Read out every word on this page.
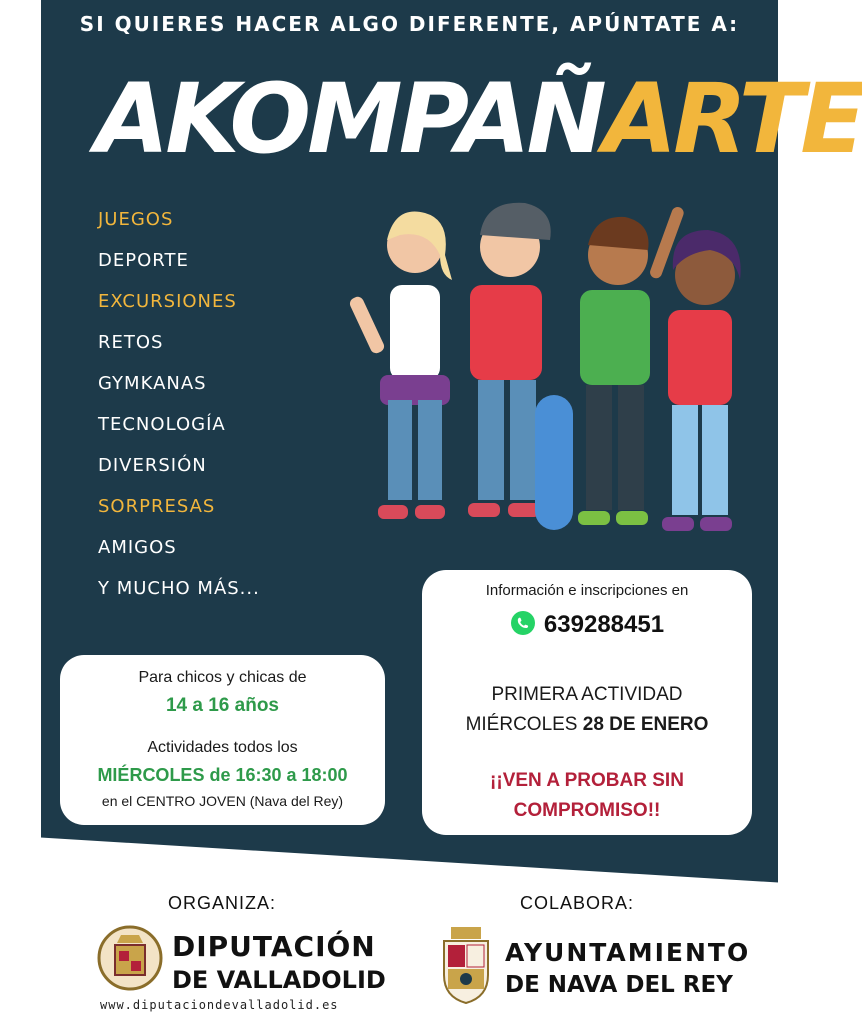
SI QUIERES HACER ALGO DIFERENTE, APÚNTATE A:
AKOMPAÑARTE
JUEGOS
DEPORTE
EXCURSIONES
RETOS
GYMKANAS
TECNOLOGÍA
DIVERSIÓN
SORPRESAS
AMIGOS
Y MUCHO MÁS...
Para chicos y chicas de
14 a 16 años
Actividades todos los
MIÉRCOLES de 16:30 a 18:00
en el CENTRO JOVEN (Nava del Rey)
Información e inscripciones en
639288451
PRIMERA ACTIVIDAD
MIÉRCOLES 28 DE ENERO
¡¡VEN A PROBAR SIN
COMPROMISO!!
ORGANIZA:	COLABORA:
DIPUTACIÓN
DE VALLADOLID
www.diputaciondevalladolid.es
AYUNTAMIENTO
DE NAVA DEL REY
